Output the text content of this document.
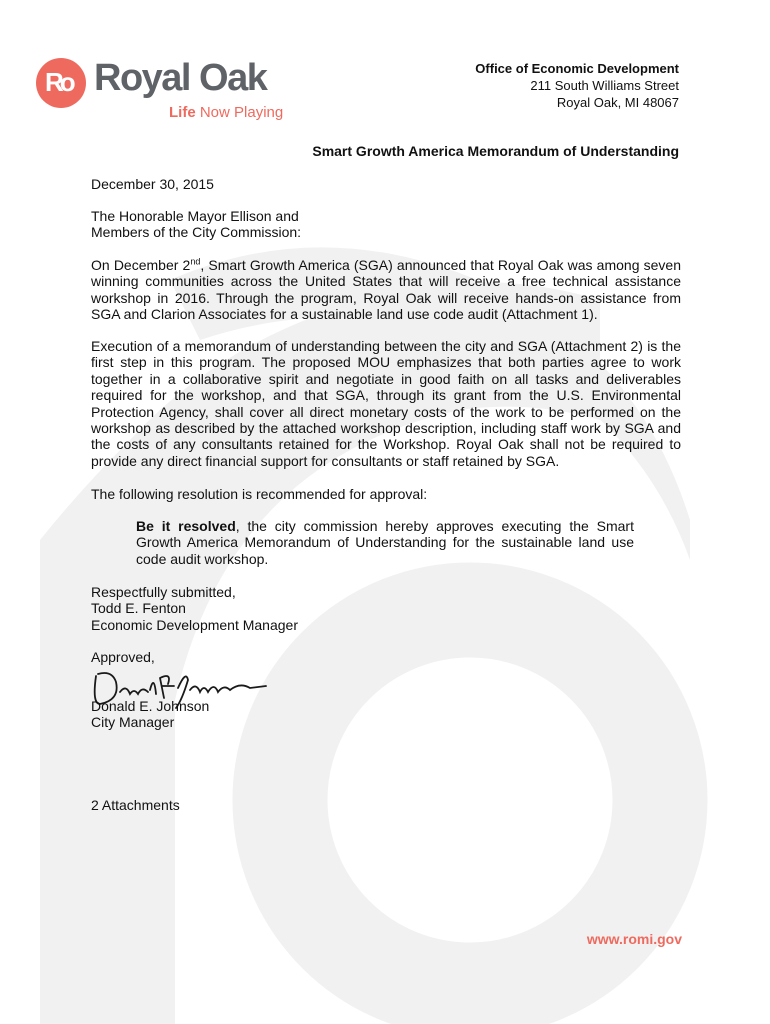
Ro Royal Oak
Life Now Playing
Office of Economic Development
211 South Williams Street
Royal Oak, MI 48067
Smart Growth America Memorandum of Understanding
December 30, 2015
The Honorable Mayor Ellison and
Members of the City Commission:
On December 2nd, Smart Growth America (SGA) announced that Royal Oak was among seven winning communities across the United States that will receive a free technical assistance workshop in 2016. Through the program, Royal Oak will receive hands-on assistance from SGA and Clarion Associates for a sustainable land use code audit (Attachment 1).
Execution of a memorandum of understanding between the city and SGA (Attachment 2) is the first step in this program. The proposed MOU emphasizes that both parties agree to work together in a collaborative spirit and negotiate in good faith on all tasks and deliverables required for the workshop, and that SGA, through its grant from the U.S. Environmental Protection Agency, shall cover all direct monetary costs of the work to be performed on the workshop as described by the attached workshop description, including staff work by SGA and the costs of any consultants retained for the Workshop. Royal Oak shall not be required to provide any direct financial support for consultants or staff retained by SGA.
The following resolution is recommended for approval:
Be it resolved, the city commission hereby approves executing the Smart Growth America Memorandum of Understanding for the sustainable land use code audit workshop.
Respectfully submitted,
Todd E. Fenton
Economic Development Manager
Approved,
Donald E. Johnson
City Manager
2 Attachments
www.romi.gov
